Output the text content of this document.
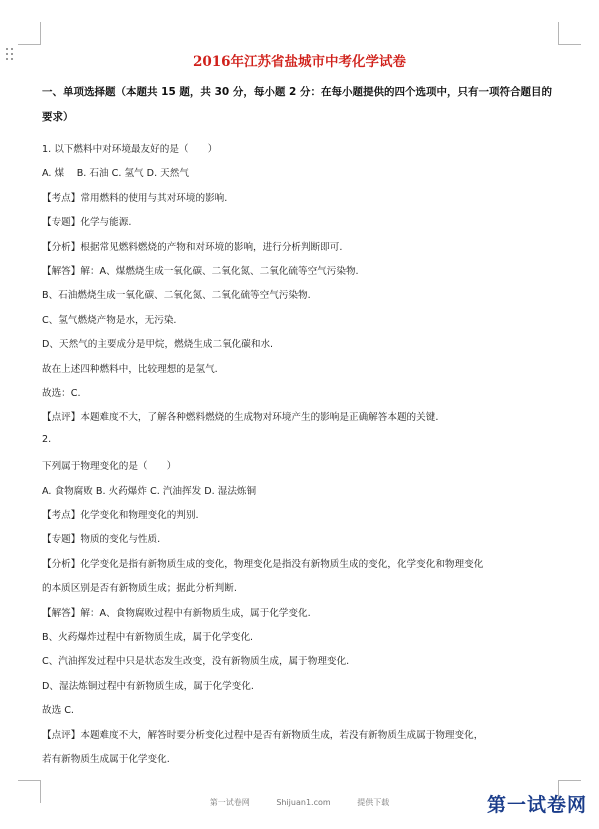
2016年江苏省盐城市中考化学试卷
一、单项选择题（本题共 15 题，共 30 分，每小题 2 分：在每小题提供的四个选项中，只有一项符合题目的要求）
1. 以下燃料中对环境最友好的是（　　）
A. 煤　 B. 石油 C. 氢气 D. 天然气
【考点】常用燃料的使用与其对环境的影响.
【专题】化学与能源.
【分析】根据常见燃料燃烧的产物和对环境的影响，进行分析判断即可.
【解答】解：A、煤燃烧生成一氧化碳、二氧化氮、二氧化硫等空气污染物.
B、石油燃烧生成一氧化碳、二氧化氮、二氧化硫等空气污染物.
C、氢气燃烧产物是水，无污染.
D、天然气的主要成分是甲烷，燃烧生成二氧化碳和水.
故在上述四种燃料中，比较理想的是氢气.
故选：C.
【点评】本题难度不大，了解各种燃料燃烧的生成物对环境产生的影响是正确解答本题的关键.
2.
下列属于物理变化的是（　　）
A. 食物腐败 B. 火药爆炸 C. 汽油挥发 D. 湿法炼铜
【考点】化学变化和物理变化的判别.
【专题】物质的变化与性质.
【分析】化学变化是指有新物质生成的变化，物理变化是指没有新物质生成的变化，化学变化和物理变化
的本质区别是否有新物质生成；据此分析判断.
【解答】解：A、食物腐败过程中有新物质生成，属于化学变化.
B、火药爆炸过程中有新物质生成，属于化学变化.
C、汽油挥发过程中只是状态发生改变，没有新物质生成，属于物理变化.
D、湿法炼铜过程中有新物质生成，属于化学变化.
故选 C.
【点评】本题难度不大，解答时要分析变化过程中是否有新物质生成，若没有新物质生成属于物理变化，
若有新物质生成属于化学变化.
第一试卷网	Shijuan1.com	提供下载	第一试卷网
